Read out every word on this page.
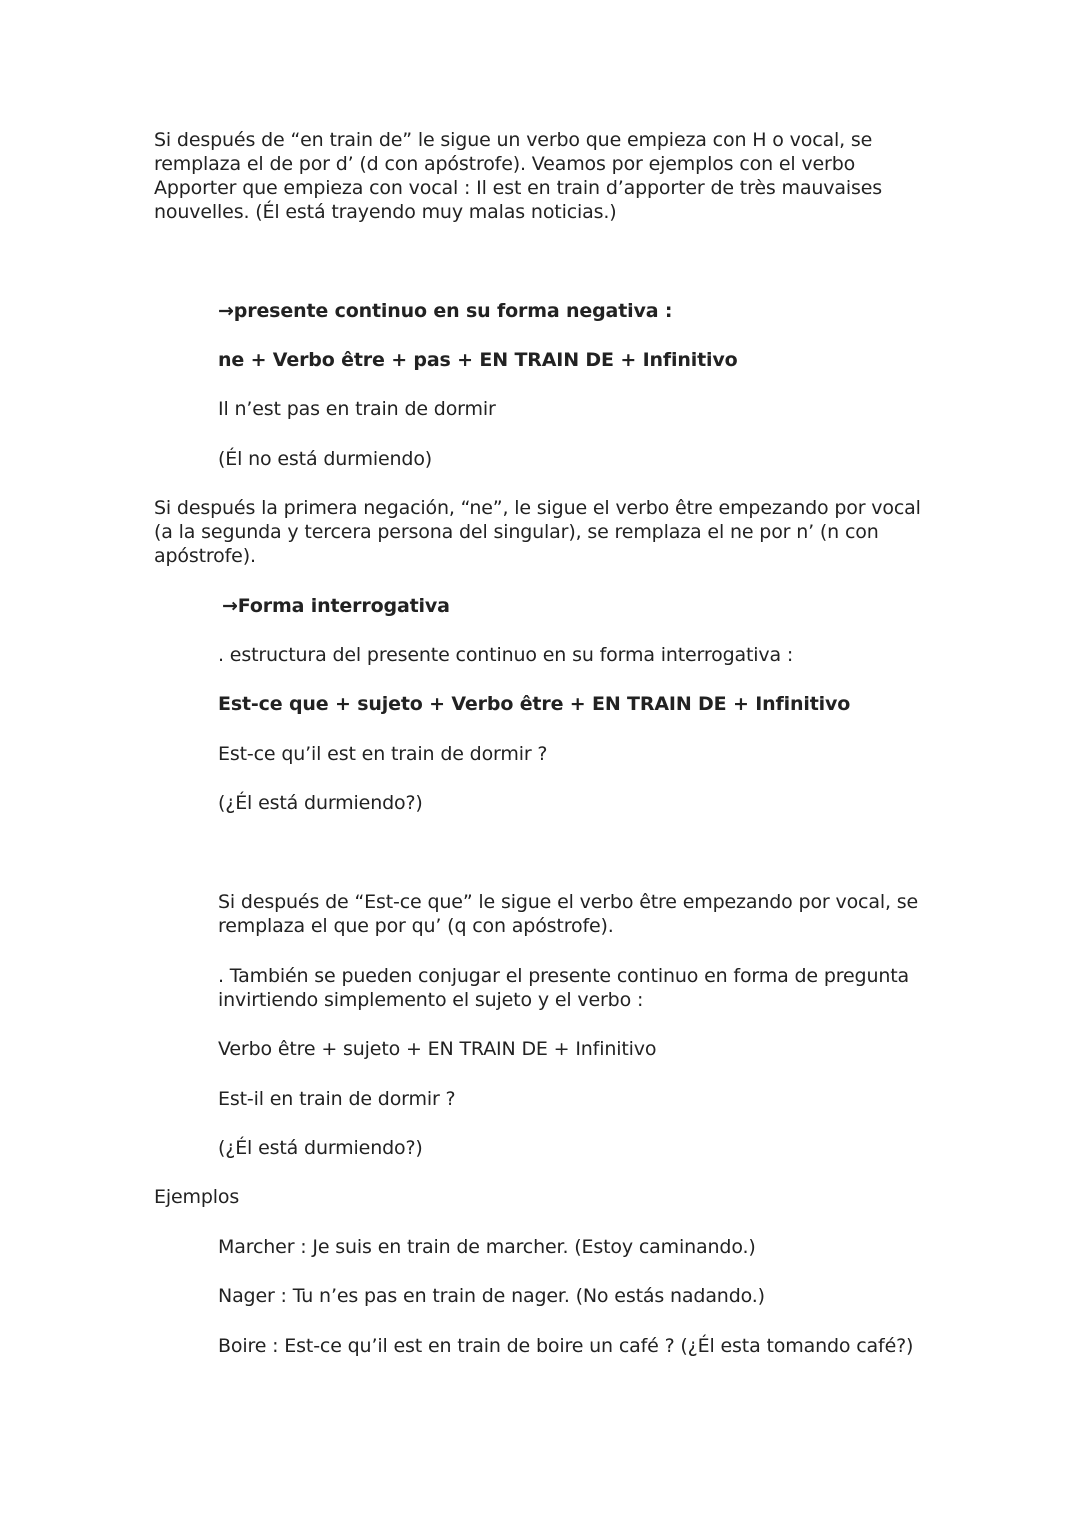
Si después de “en train de” le sigue un verbo que empieza con H o vocal, se
remplaza el de por d’ (d con apóstrofe). Veamos por ejemplos con el verbo
Apporter que empieza con vocal : Il est en train d’apporter de très mauvaises
nouvelles. (Él está trayendo muy malas noticias.)
→presente continuo en su forma negativa :
ne + Verbo être + pas + EN TRAIN DE + Infinitivo
Il n’est pas en train de dormir
(Él no está durmiendo)
Si después la primera negación, “ne”, le sigue el verbo être empezando por vocal
(a la segunda y tercera persona del singular), se remplaza el ne por n’ (n con
apóstrofe).
→Forma interrogativa
. estructura del presente continuo en su forma interrogativa :
Est-ce que + sujeto + Verbo être + EN TRAIN DE + Infinitivo
Est-ce qu’il est en train de dormir ?
(¿Él está durmiendo?)
Si después de “Est-ce que” le sigue el verbo être empezando por vocal, se
remplaza el que por qu’ (q con apóstrofe).
. También se pueden conjugar el presente continuo en forma de pregunta
invirtiendo simplemento el sujeto y el verbo :
Verbo être + sujeto + EN TRAIN DE + Infinitivo
Est-il en train de dormir ?
(¿Él está durmiendo?)
Ejemplos
Marcher : Je suis en train de marcher. (Estoy caminando.)
Nager : Tu n’es pas en train de nager. (No estás nadando.)
Boire : Est-ce qu’il est en train de boire un café ? (¿Él esta tomando café?)
